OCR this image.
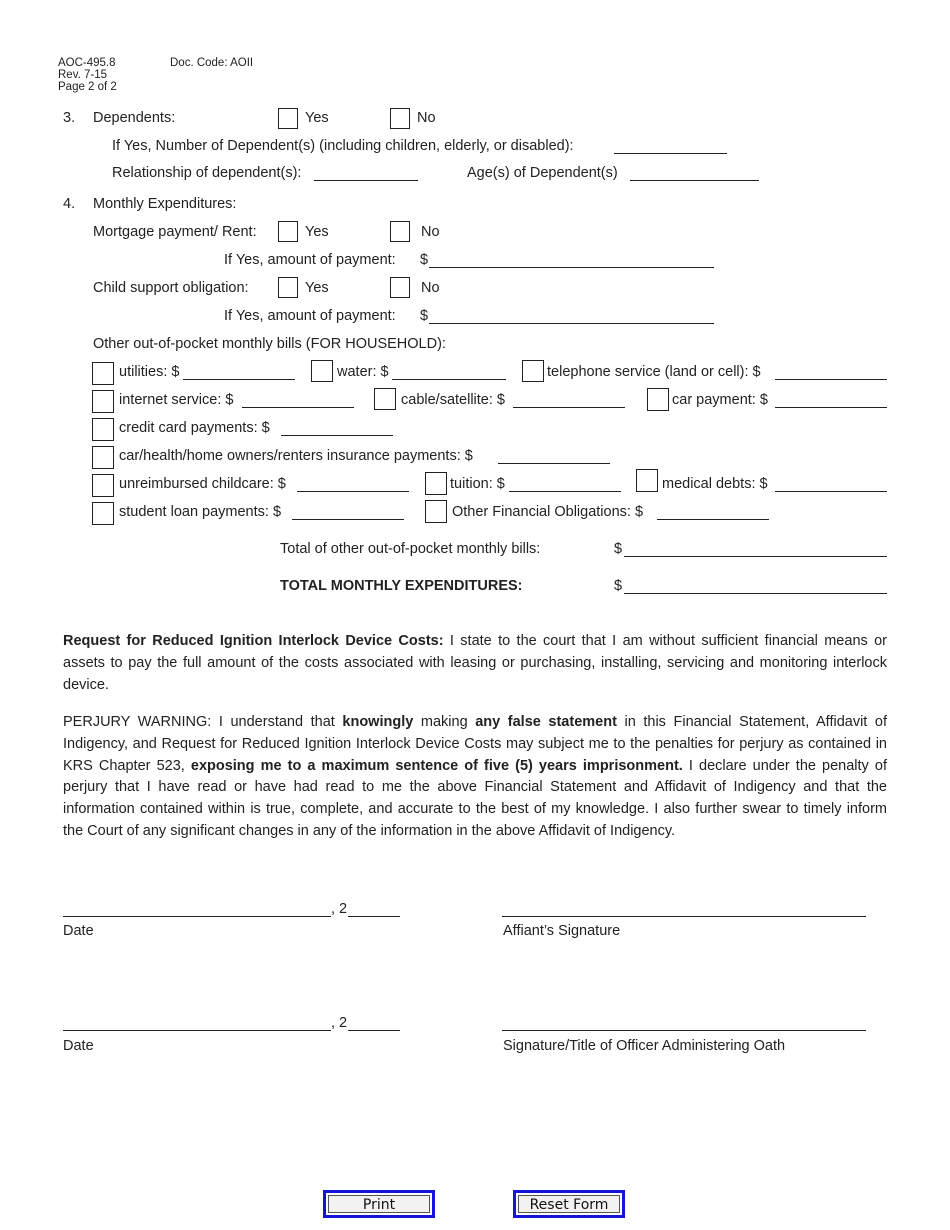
AOC-495.8	Doc. Code: AOII
Rev. 7-15
Page 2 of 2
3. Dependents:	Yes	No
If Yes, Number of Dependent(s) (including children, elderly, or disabled):
Relationship of dependent(s):	Age(s) of Dependent(s)
4. Monthly Expenditures:
Mortgage payment/ Rent:	Yes	No
If Yes, amount of payment: $
Child support obligation:	Yes	No
If Yes, amount of payment: $
Other out-of-pocket monthly bills (FOR HOUSEHOLD):
utilities: $	water: $	telephone service (land or cell): $
internet service: $	cable/satellite: $	car payment: $
credit card payments: $
car/health/home owners/renters insurance payments: $
unreimbursed childcare: $	tuition: $	medical debts: $
student loan payments: $	Other Financial Obligations: $
Total of other out-of-pocket monthly bills:	$
TOTAL MONTHLY EXPENDITURES:	$
Request for Reduced Ignition Interlock Device Costs: I state to the court that I am without sufficient financial means or assets to pay the full amount of the costs associated with leasing or purchasing, installing, servicing and monitoring interlock device.
PERJURY WARNING: I understand that knowingly making any false statement in this Financial Statement, Affidavit of Indigency, and Request for Reduced Ignition Interlock Device Costs may subject me to the penalties for perjury as contained in KRS Chapter 523, exposing me to a maximum sentence of five (5) years imprisonment. I declare under the penalty of perjury that I have read or have had read to me the above Financial Statement and Affidavit of Indigency and that the information contained within is true, complete, and accurate to the best of my knowledge. I also further swear to timely inform the Court of any significant changes in any of the information in the above Affidavit of Indigency.
, 2
Date	Affiant’s Signature
, 2
Date	Signature/Title of Officer Administering Oath
Print	Reset Form
